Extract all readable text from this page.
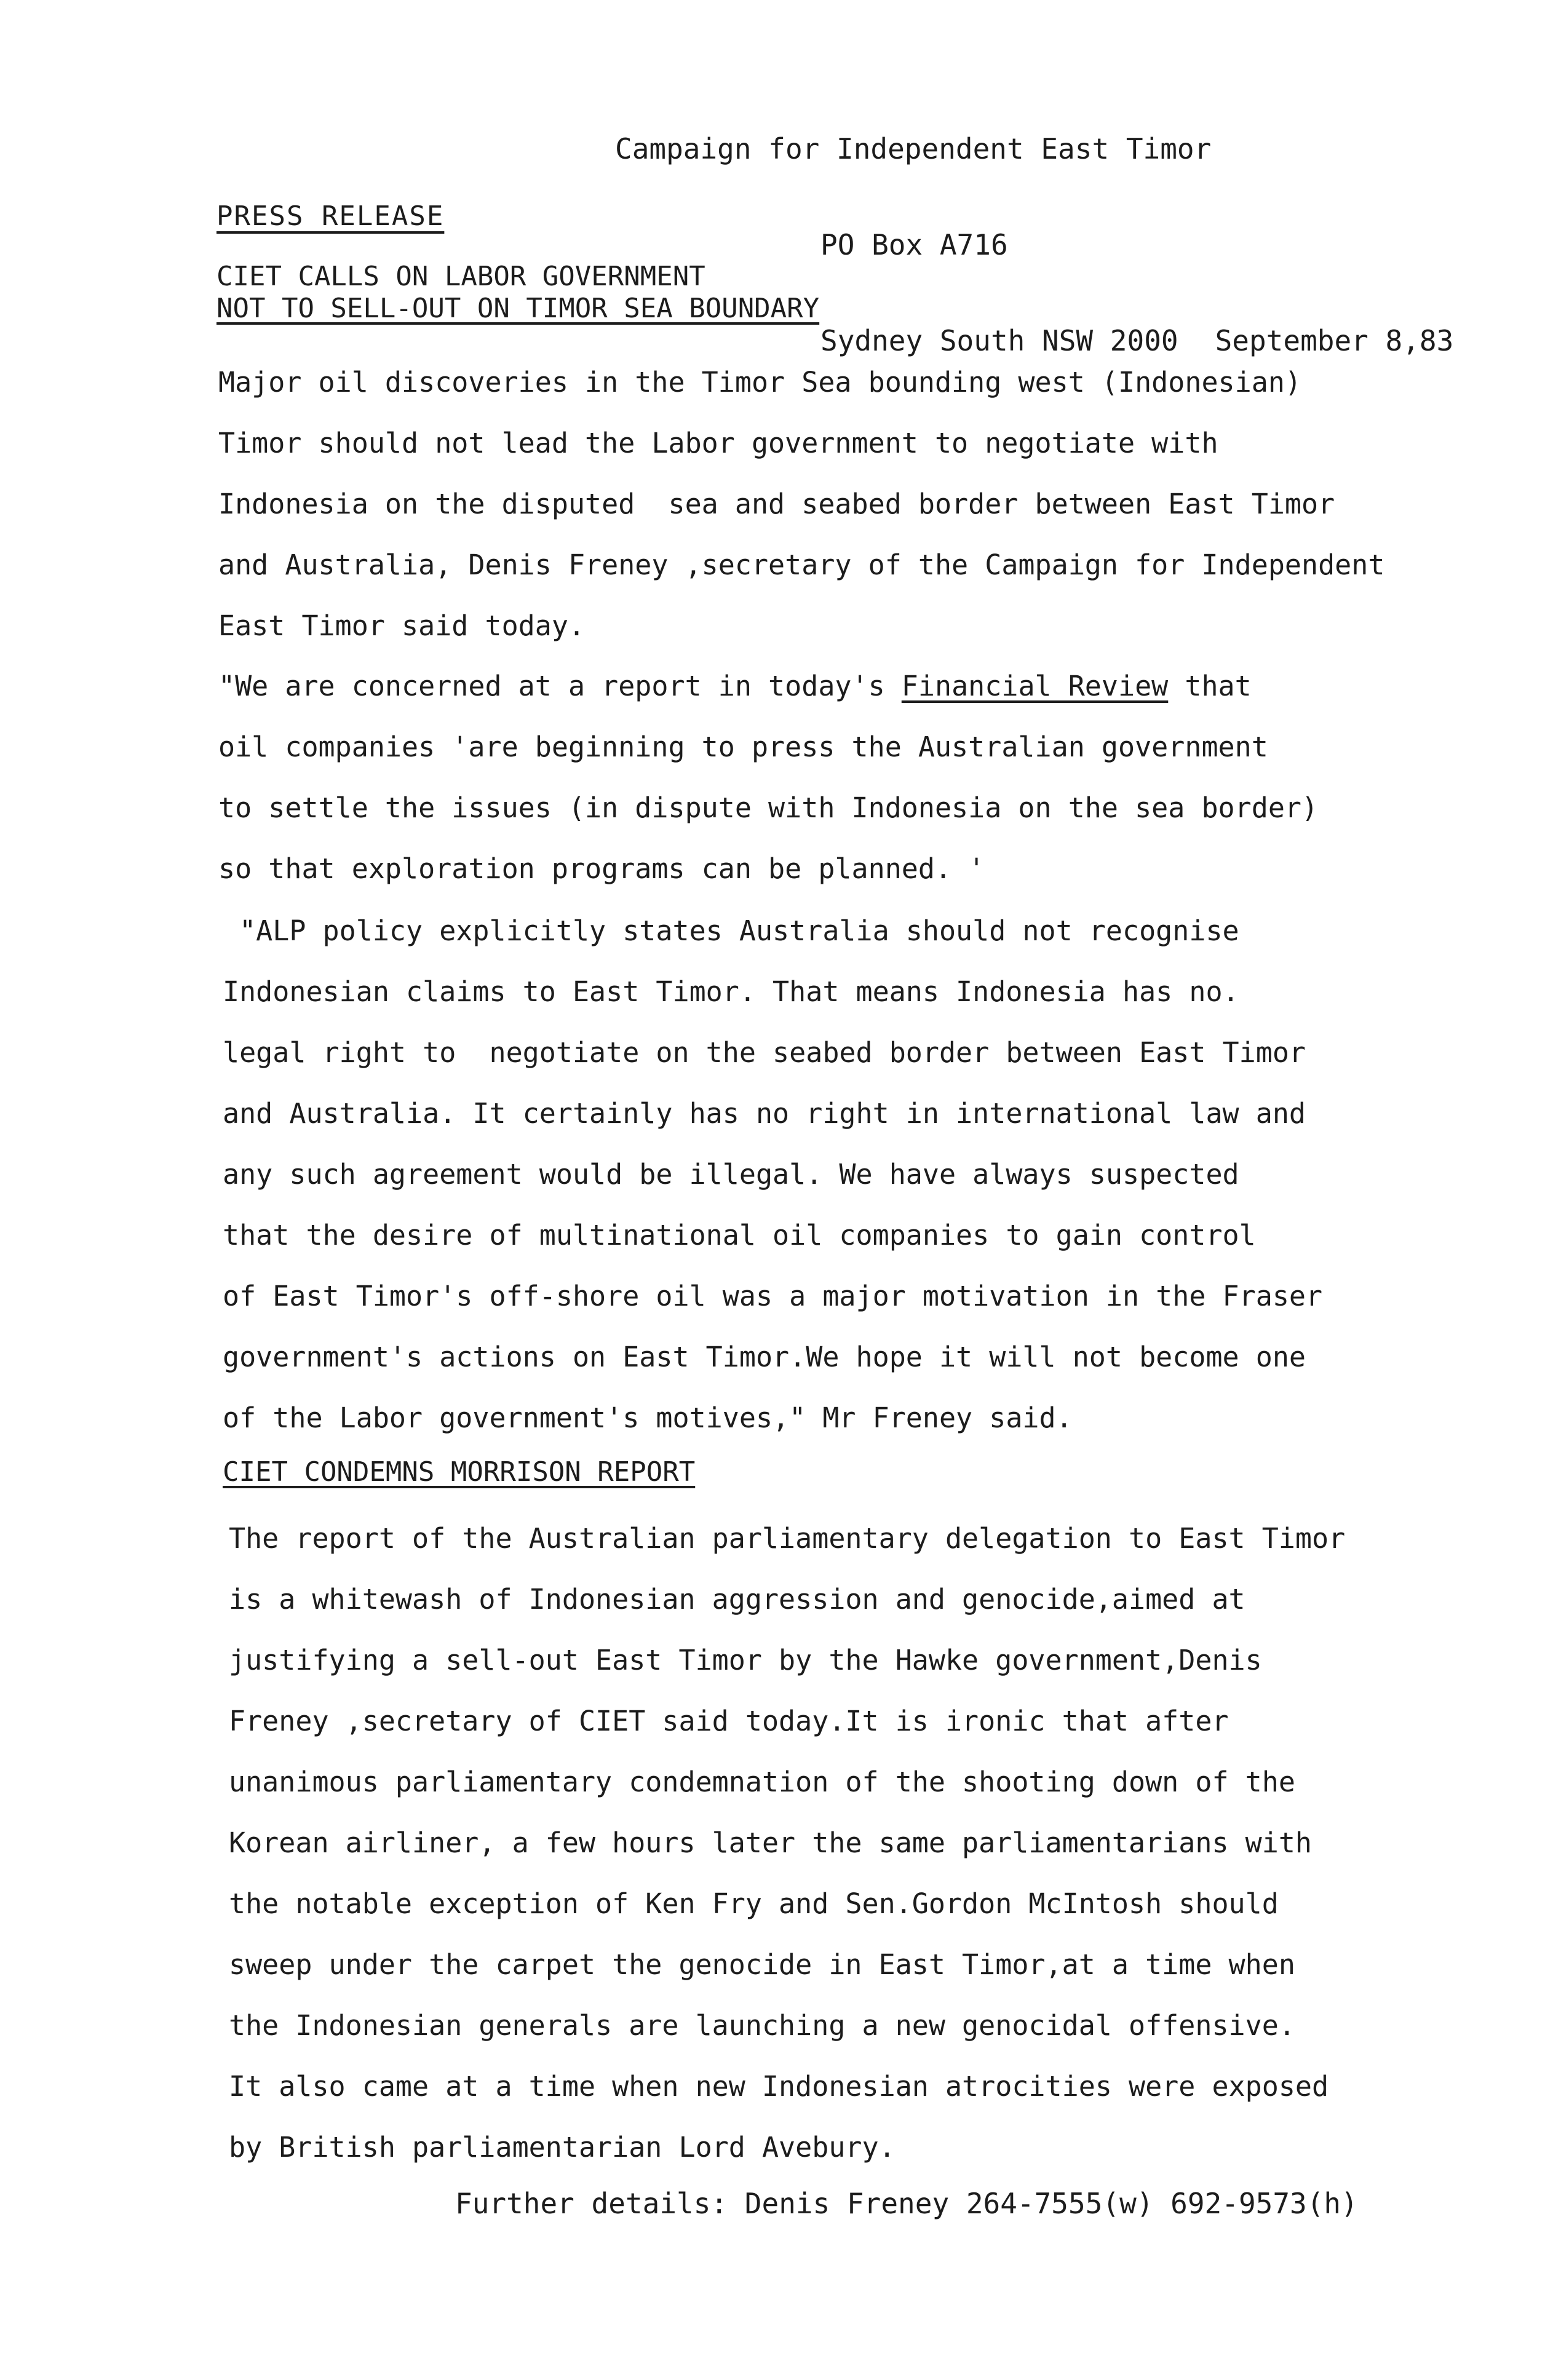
Campaign for Independent East Timor

PO Box A716

Sydney South NSW 2000 September 8,83

PRESS RELEASE
CIET CALLS ON LABOR GOVERNMENT
NOT TO SELL-OUT ON TIMOR SEA BOUNDARY
Major oil discoveries in the Timor Sea bounding west (Indonesian)
Timor should not lead the Labor government to negotiate with
Indonesia on the disputed  sea and seabed border between East Timor
and Australia, Denis Freney ,secretary of the Campaign for Independent
East Timor said today.
"We are concerned at a report in today's Financial Review that
oil companies 'are beginning to press the Australian government
to settle the issues (in dispute with Indonesia on the sea border)
so that exploration programs can be planned. '
"ALP policy explicitly states Australia should not recognise
Indonesian claims to East Timor. That means Indonesia has no.
legal right to  negotiate on the seabed border between East Timor
and Australia. It certainly has no right in international law and
any such agreement would be illegal. We have always suspected
that the desire of multinational oil companies to gain control
of East Timor's off-shore oil was a major motivation in the Fraser
government's actions on East Timor.We hope it will not become one
of the Labor government's motives," Mr Freney said.
CIET CONDEMNS MORRISON REPORT
The report of the Australian parliamentary delegation to East Timor
is a whitewash of Indonesian aggression and genocide,aimed at
justifying a sell-out East Timor by the Hawke government,Denis
Freney ,secretary of CIET said today.It is ironic that after
unanimous parliamentary condemnation of the shooting down of the
Korean airliner, a few hours later the same parliamentarians with
the notable exception of Ken Fry and Sen.Gordon McIntosh should
sweep under the carpet the genocide in East Timor,at a time when
the Indonesian generals are launching a new genocidal offensive.
It also came at a time when new Indonesian atrocities were exposed
by British parliamentarian Lord Avebury.
Further details: Denis Freney 264-7555(w) 692-9573(h)
